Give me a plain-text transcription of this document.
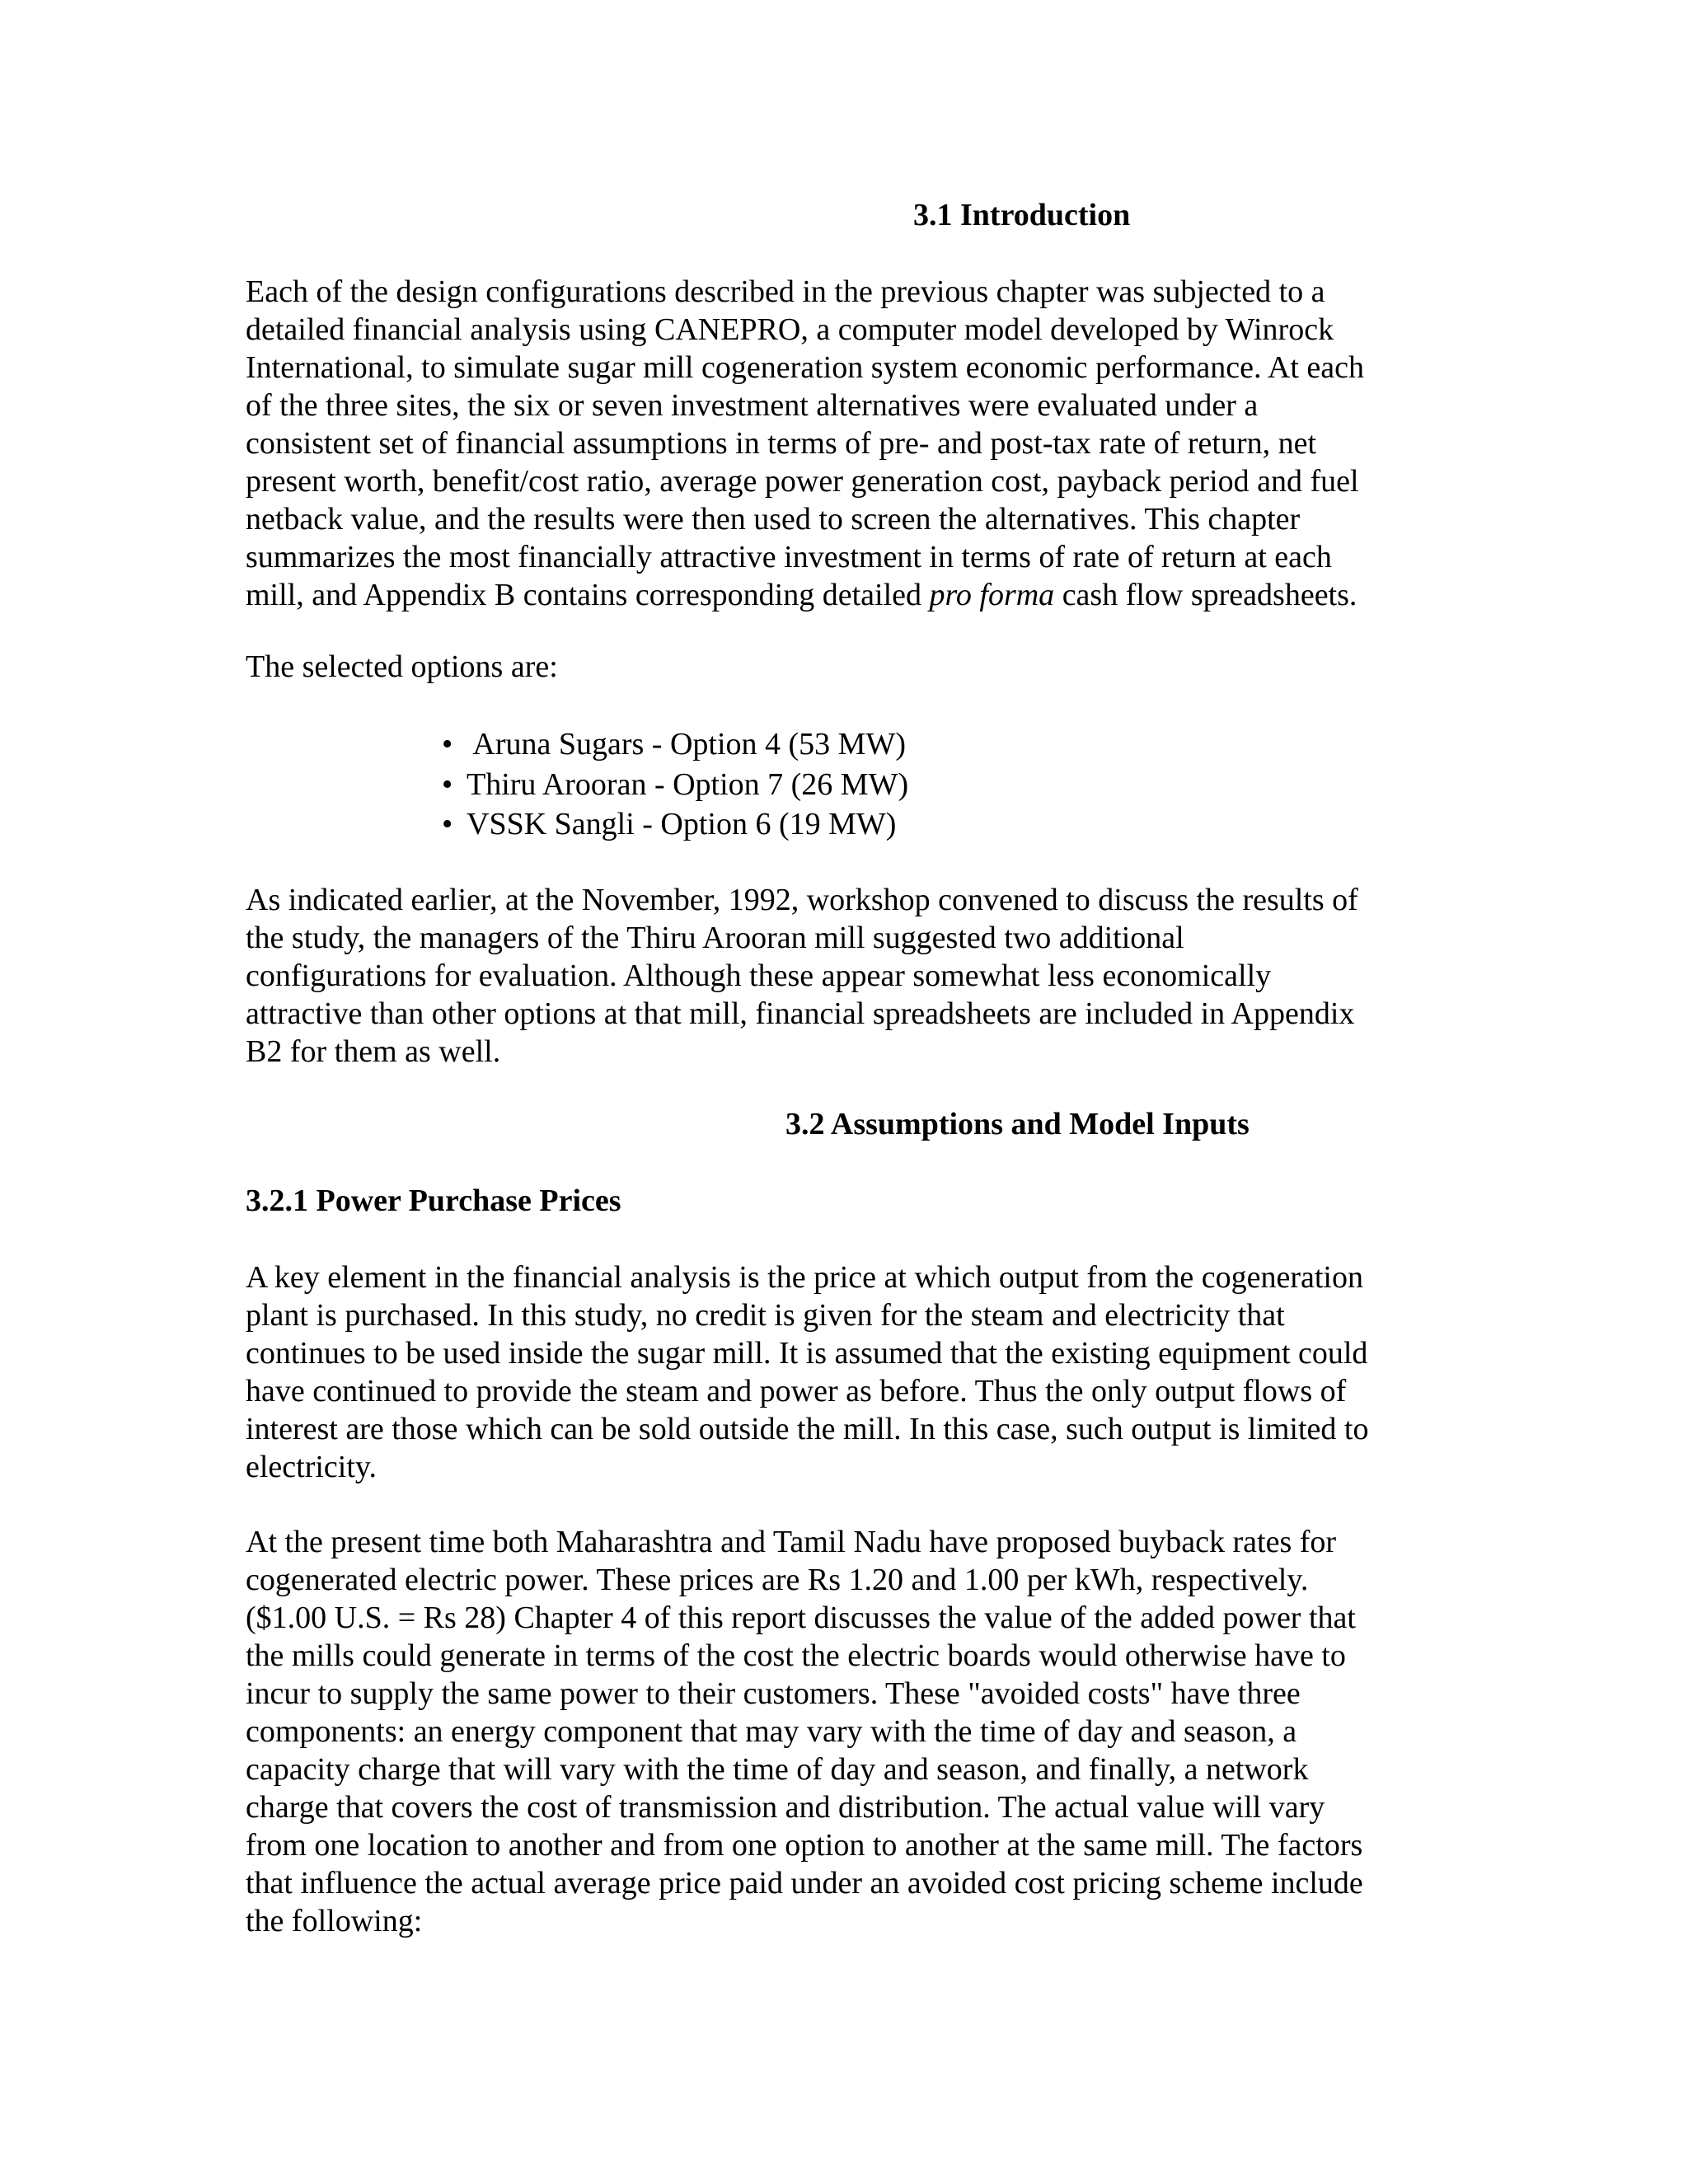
3.1 Introduction
Each of the design configurations described in the previous chapter was subjected to a
detailed financial analysis using CANEPRO, a computer model developed by Winrock
International, to simulate sugar mill cogeneration system economic performance. At each
of the three sites, the six or seven investment alternatives were evaluated under a
consistent set of financial assumptions in terms of pre- and post-tax rate of return, net
present worth, benefit/cost ratio, average power generation cost, payback period and fuel
netback value, and the results were then used to screen the alternatives. This chapter
summarizes the most financially attractive investment in terms of rate of return at each
mill, and Appendix B contains corresponding detailed pro forma cash flow spreadsheets.

The selected options are:

• Aruna Sugars - Option 4 (53 MW)
• Thiru Arooran - Option 7 (26 MW)
• VSSK Sangli - Option 6 (19 MW)
As indicated earlier, at the November, 1992, workshop convened to discuss the results of
the study, the managers of the Thiru Arooran mill suggested two additional
configurations for evaluation. Although these appear somewhat less economically
attractive than other options at that mill, financial spreadsheets are included in Appendix
B2 for them as well.
3.2 Assumptions and Model Inputs
3.2.1 Power Purchase Prices
A key element in the financial analysis is the price at which output from the cogeneration
plant is purchased. In this study, no credit is given for the steam and electricity that
continues to be used inside the sugar mill. It is assumed that the existing equipment could
have continued to provide the steam and power as before. Thus the only output flows of
interest are those which can be sold outside the mill. In this case, such output is limited to
electricity.
At the present time both Maharashtra and Tamil Nadu have proposed buyback rates for
cogenerated electric power. These prices are Rs 1.20 and 1.00 per kWh, respectively.
($1.00 U.S. = Rs 28) Chapter 4 of this report discusses the value of the added power that
the mills could generate in terms of the cost the electric boards would otherwise have to
incur to supply the same power to their customers. These "avoided costs" have three
components: an energy component that may vary with the time of day and season, a
capacity charge that will vary with the time of day and season, and finally, a network
charge that covers the cost of transmission and distribution. The actual value will vary
from one location to another and from one option to another at the same mill. The factors
that influence the actual average price paid under an avoided cost pricing scheme include
the following:
